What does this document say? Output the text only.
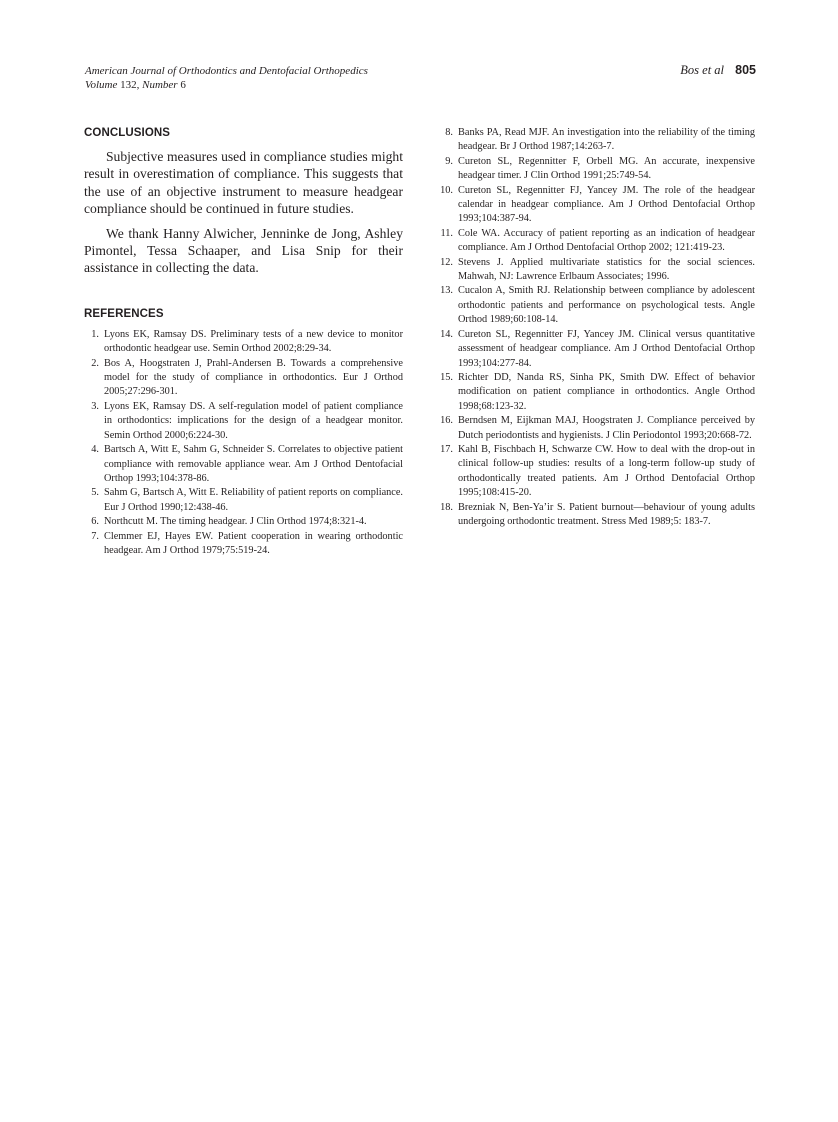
American Journal of Orthodontics and Dentofacial Orthopedics
Volume 132, Number 6
Bos et al 805
CONCLUSIONS

Subjective measures used in compliance studies might result in overestimation of compliance. This suggests that the use of an objective instrument to measure headgear compliance should be continued in future studies.

We thank Hanny Alwicher, Jenninke de Jong, Ashley Pimontel, Tessa Schaaper, and Lisa Snip for their assistance in collecting the data.

REFERENCES
1. Lyons EK, Ramsay DS. Preliminary tests of a new device to monitor orthodontic headgear use. Semin Orthod 2002;8:29-34.
2. Bos A, Hoogstraten J, Prahl-Andersen B. Towards a comprehensive model for the study of compliance in orthodontics. Eur J Orthod 2005;27:296-301.
3. Lyons EK, Ramsay DS. A self-regulation model of patient compliance in orthodontics: implications for the design of a headgear monitor. Semin Orthod 2000;6:224-30.
4. Bartsch A, Witt E, Sahm G, Schneider S. Correlates to objective patient compliance with removable appliance wear. Am J Orthod Dentofacial Orthop 1993;104:378-86.
5. Sahm G, Bartsch A, Witt E. Reliability of patient reports on compliance. Eur J Orthod 1990;12:438-46.
6. Northcutt M. The timing headgear. J Clin Orthod 1974;8:321-4.
7. Clemmer EJ, Hayes EW. Patient cooperation in wearing orthodontic headgear. Am J Orthod 1979;75:519-24.
8. Banks PA, Read MJF. An investigation into the reliability of the timing headgear. Br J Orthod 1987;14:263-7.
9. Cureton SL, Regennitter F, Orbell MG. An accurate, inexpensive headgear timer. J Clin Orthod 1991;25:749-54.
10. Cureton SL, Regennitter FJ, Yancey JM. The role of the headgear calendar in headgear compliance. Am J Orthod Dentofacial Orthop 1993;104:387-94.
11. Cole WA. Accuracy of patient reporting as an indication of headgear compliance. Am J Orthod Dentofacial Orthop 2002; 121:419-23.
12. Stevens J. Applied multivariate statistics for the social sciences. Mahwah, NJ: Lawrence Erlbaum Associates; 1996.
13. Cucalon A, Smith RJ. Relationship between compliance by adolescent orthodontic patients and performance on psychological tests. Angle Orthod 1989;60:108-14.
14. Cureton SL, Regennitter FJ, Yancey JM. Clinical versus quantitative assessment of headgear compliance. Am J Orthod Dentofacial Orthop 1993;104:277-84.
15. Richter DD, Nanda RS, Sinha PK, Smith DW. Effect of behavior modification on patient compliance in orthodontics. Angle Orthod 1998;68:123-32.
16. Berndsen M, Eijkman MAJ, Hoogstraten J. Compliance perceived by Dutch periodontists and hygienists. J Clin Periodontol 1993;20:668-72.
17. Kahl B, Fischbach H, Schwarze CW. How to deal with the drop-out in clinical follow-up studies: results of a long-term follow-up study of orthodontically treated patients. Am J Orthod Dentofacial Orthop 1995;108:415-20.
18. Brezniak N, Ben-Ya’ir S. Patient burnout—behaviour of young adults undergoing orthodontic treatment. Stress Med 1989;5: 183-7.
